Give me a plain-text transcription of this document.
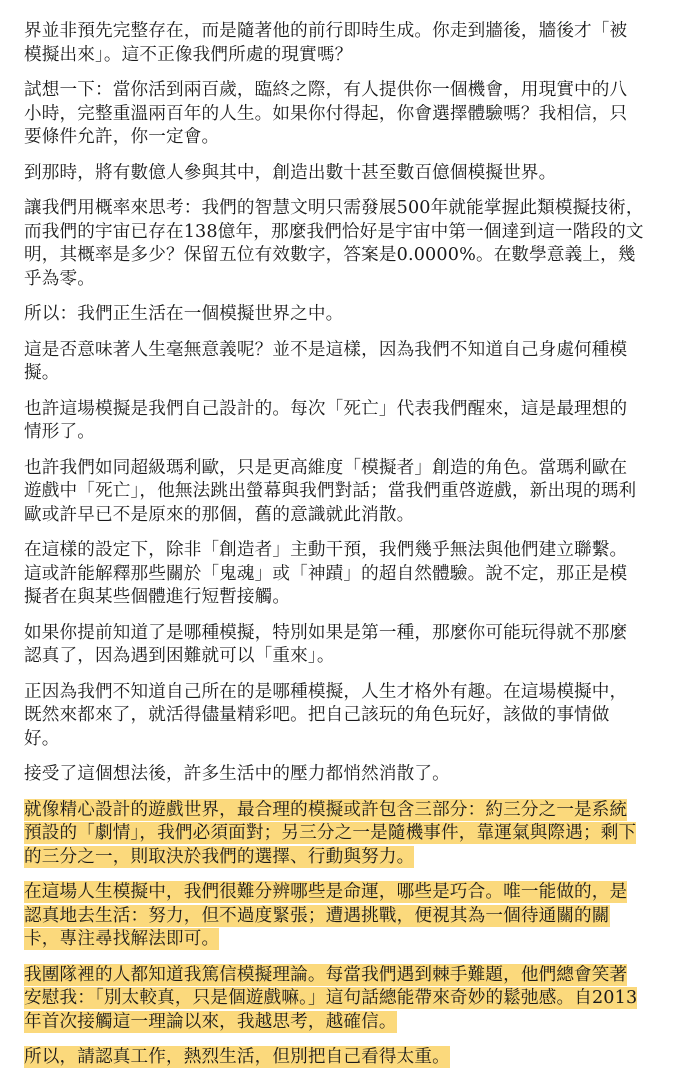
界並非預先完整存在，而是隨著他的前行即時生成。你走到牆後，牆後才「被模擬出來」。這不正像我們所處的現實嗎？

試想一下：當你活到兩百歲，臨終之際，有人提供你一個機會，用現實中的八小時，完整重溫兩百年的人生。如果你付得起，你會選擇體驗嗎？我相信，只要條件允許，你一定會。

到那時，將有數億人參與其中，創造出數十甚至數百億個模擬世界。

讓我們用概率來思考：我們的智慧文明只需發展500年就能掌握此類模擬技術，而我們的宇宙已存在138億年，那麼我們恰好是宇宙中第一個達到這一階段的文明，其概率是多少？保留五位有效數字，答案是0.0000%。在數學意義上，幾乎為零。

所以：我們正生活在一個模擬世界之中。

這是否意味著人生毫無意義呢？並不是這樣，因為我們不知道自己身處何種模擬。

也許這場模擬是我們自己設計的。每次「死亡」代表我們醒來，這是最理想的情形了。

也許我們如同超級瑪利歐，只是更高維度「模擬者」創造的角色。當瑪利歐在遊戲中「死亡」，他無法跳出螢幕與我們對話；當我們重啓遊戲，新出現的瑪利歐或許早已不是原來的那個，舊的意識就此消散。

在這樣的設定下，除非「創造者」主動干預，我們幾乎無法與他們建立聯繫。這或許能解釋那些關於「鬼魂」或「神蹟」的超自然體驗。說不定，那正是模擬者在與某些個體進行短暫接觸。

如果你提前知道了是哪種模擬，特別如果是第一種，那麼你可能玩得就不那麼認真了，因為遇到困難就可以「重來」。

正因為我們不知道自己所在的是哪種模擬，人生才格外有趣。在這場模擬中，既然來都來了，就活得儘量精彩吧。把自己該玩的角色玩好，該做的事情做好。

接受了這個想法後，許多生活中的壓力都悄然消散了。

就像精心設計的遊戲世界，最合理的模擬或許包含三部分：約三分之一是系統預設的「劇情」，我們必須面對；另三分之一是隨機事件，靠運氣與際遇；剩下的三分之一，則取決於我們的選擇、行動與努力。

在這場人生模擬中，我們很難分辨哪些是命運，哪些是巧合。唯一能做的，是認真地去生活：努力，但不過度緊張；遭遇挑戰，便視其為一個待通關的關卡，專注尋找解法即可。

我團隊裡的人都知道我篤信模擬理論。每當我們遇到棘手難題，他們總會笑著安慰我：「別太較真，只是個遊戲嘛。」這句話總能帶來奇妙的鬆弛感。自2013年首次接觸這一理論以來，我越思考，越確信。

所以，請認真工作，熱烈生活，但別把自己看得太重。
